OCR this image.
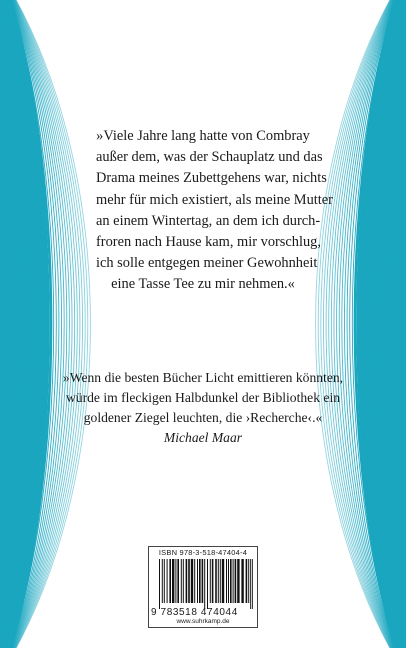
»Viele Jahre lang hatte von Combray
außer dem, was der Schauplatz und das
Drama meines Zubettgehens war, nichts
mehr für mich existiert, als meine Mutter
an einem Wintertag, an dem ich durch-
froren nach Hause kam, mir vorschlug,
ich solle entgegen meiner Gewohnheit
eine Tasse Tee zu mir nehmen.«
»Wenn die besten Bücher Licht emittieren könnten,
würde im fleckigen Halbdunkel der Bibliothek ein
goldener Ziegel leuchten, die ›Recherche‹.«
Michael Maar
ISBN 978-3-518-47404-4
9 783518 474044
www.suhrkamp.de
